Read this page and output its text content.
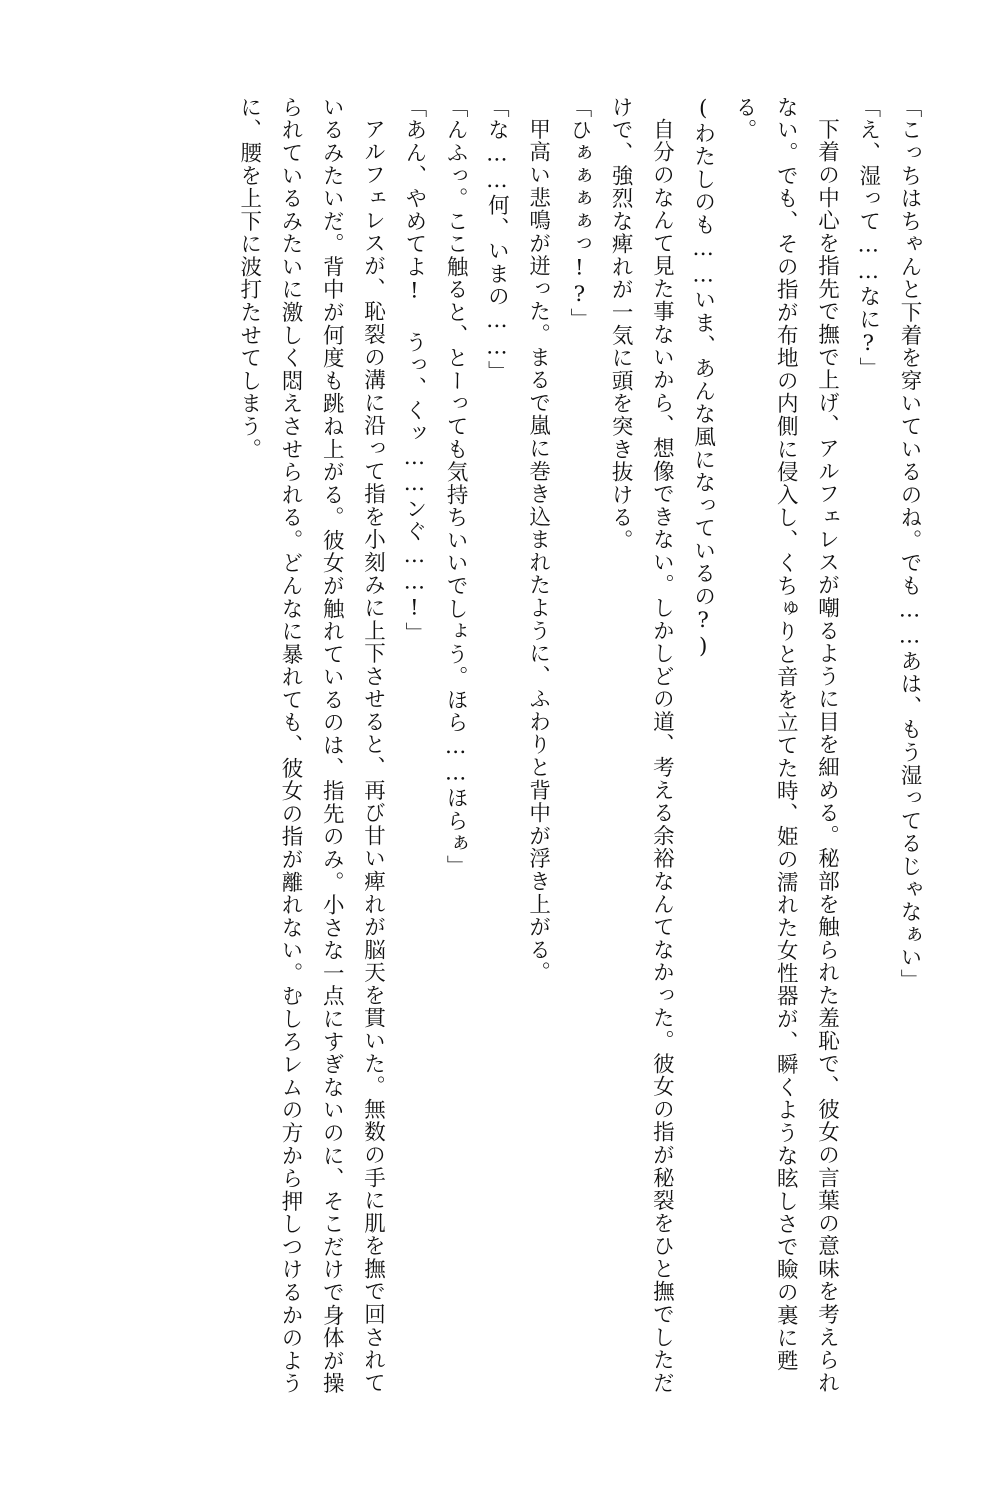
「こっちはちゃんと下着を穿いているのね。でも……あは、もう湿ってるじゃなぁい」

「え、湿って……なに?」

下着の中心を指先で撫で上げ、アルフェレスが嘲るように目を細める。秘部を触られた羞恥で、彼女の言葉の意味を考えられない。でも、その指が布地の内側に侵入し、くちゅりと音を立てた時、姫の濡れた女性器が、瞬くような眩しさで瞼の裏に甦る。

(わたしのも……いま、あんな風になっているの?)

自分のなんて見た事ないから、想像できない。しかしどの道、考える余裕なんてなかった。彼女の指が秘裂をひと撫でしただけで、強烈な痺れが一気に頭を突き抜ける。

「ひぁぁぁぁっ!?」

甲高い悲鳴が迸った。まるで嵐に巻き込まれたように、ふわりと背中が浮き上がる。

「な……何、いまの……」

「んふっ。ここ触ると、とーっても気持ちいいでしょう。ほら……ほらぁ」

「あん、やめてよ! うっ、くッ……ンぐ……!」

アルフェレスが、恥裂の溝に沿って指を小刻みに上下させると、再び甘い痺れが脳天を貫いた。無数の手に肌を撫で回されているみたいだ。背中が何度も跳ね上がる。彼女が触れているのは、指先のみ。小さな一点にすぎないのに、そこだけで身体が操られているみたいに激しく悶えさせられる。どんなに暴れても、彼女の指が離れない。むしろレムの方から押しつけるかのように、腰を上下に波打たせてしまう。
